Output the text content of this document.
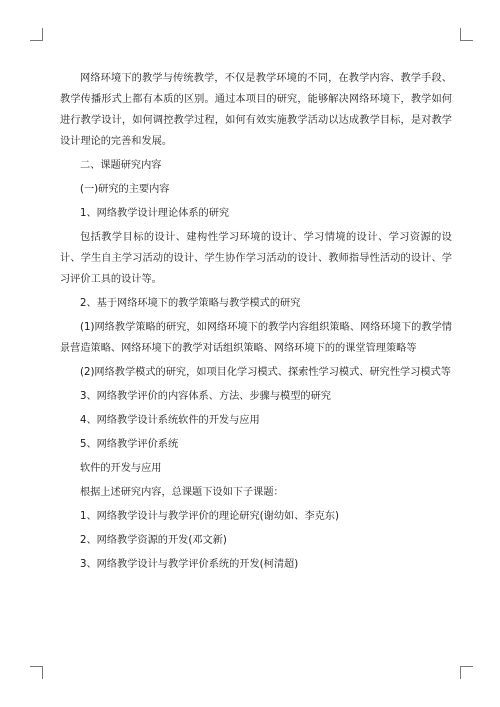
网络环境下的教学与传统教学，不仅是教学环境的不同，在教学内容、教学手段、教学传播形式上都有本质的区别。通过本项目的研究，能够解决网络环境下，教学如何进行教学设计，如何调控教学过程，如何有效实施教学活动以达成教学目标，是对教学设计理论的完善和发展。

二、课题研究内容

(一)研究的主要内容

1、网络教学设计理论体系的研究

包括教学目标的设计、建构性学习环境的设计、学习情境的设计、学习资源的设计、学生自主学习活动的设计、学生协作学习活动的设计、教师指导性活动的设计、学习评价工具的设计等。

2、基于网络环境下的教学策略与教学模式的研究

(1)网络教学策略的研究，如网络环境下的教学内容组织策略、网络环境下的教学情景营造策略、网络环境下的教学对话组织策略、网络环境下的的课堂管理策略等

(2)网络教学模式的研究，如项目化学习模式、探索性学习模式、研究性学习模式等

3、网络教学评价的内容体系、方法、步骤与模型的研究

4、网络教学设计系统软件的开发与应用

5、网络教学评价系统

软件的开发与应用

根据上述研究内容，总课题下设如下子课题：

1、网络教学设计与教学评价的理论研究(谢幼如、李克东)

2、网络教学资源的开发(邓文新)

3、网络教学设计与教学评价系统的开发(柯清超)
